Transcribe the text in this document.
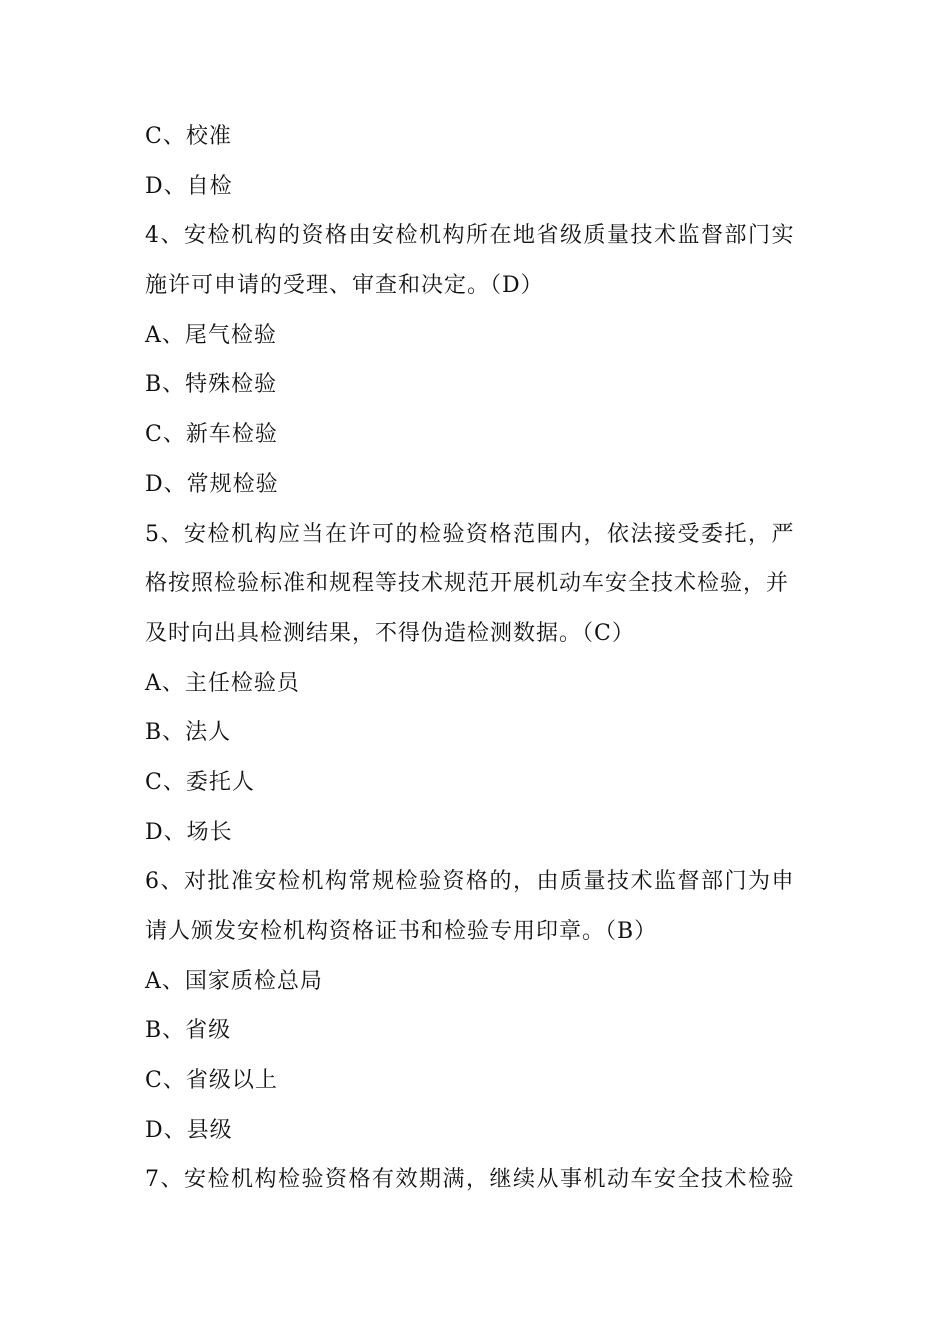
C、校准
D、自检
4、安检机构的资格由安检机构所在地省级质量技术监督部门实
施许可申请的受理、审查和决定。（D）
A、尾气检验
B、特殊检验
C、新车检验
D、常规检验
5、安检机构应当在许可的检验资格范围内，依法接受委托，严
格按照检验标准和规程等技术规范开展机动车安全技术检验，并
及时向出具检测结果，不得伪造检测数据。（C）
A、主任检验员
B、法人
C、委托人
D、场长
6、对批准安检机构常规检验资格的，由质量技术监督部门为申
请人颁发安检机构资格证书和检验专用印章。（B）
A、国家质检总局
B、省级
C、省级以上
D、县级
7、安检机构检验资格有效期满，继续从事机动车安全技术检验
